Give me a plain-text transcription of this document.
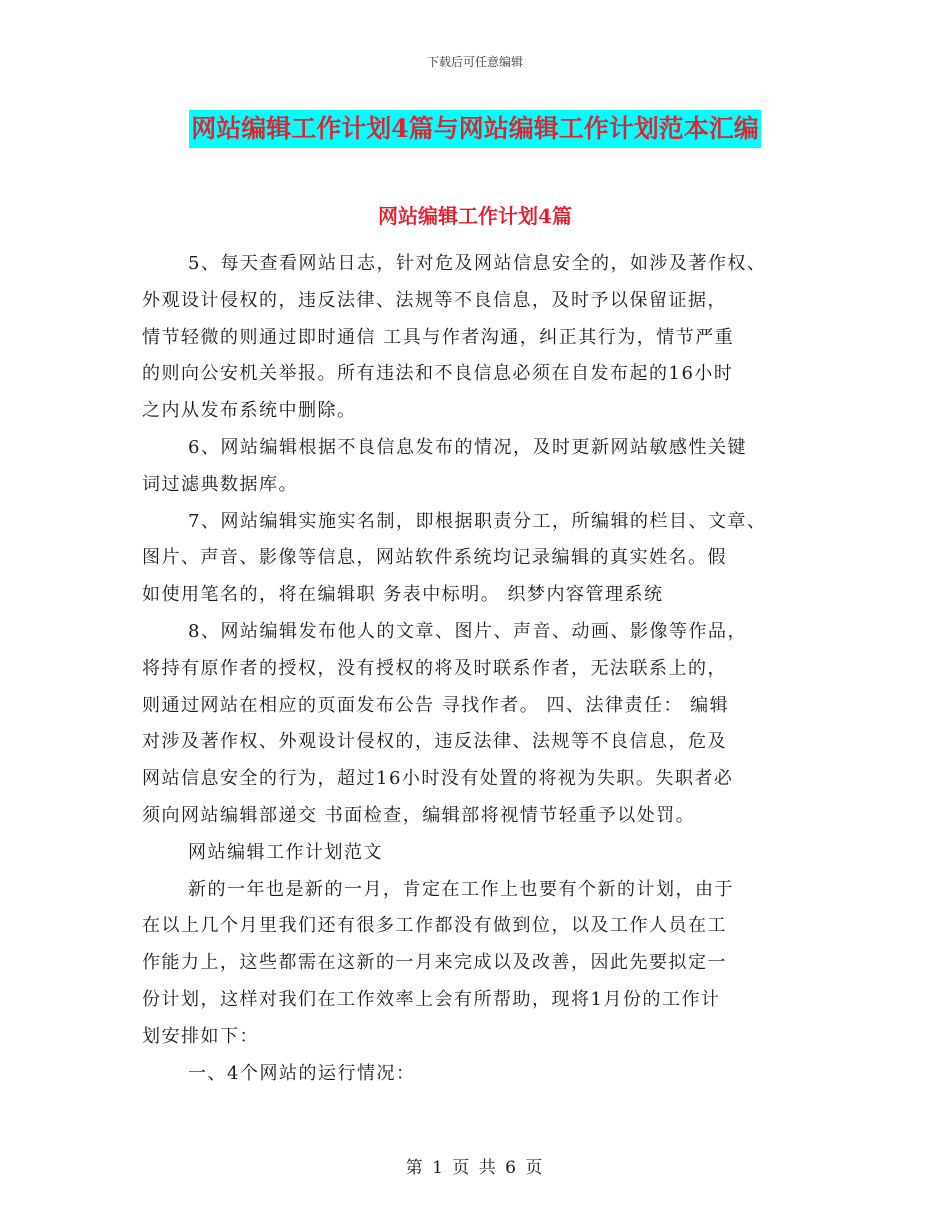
下载后可任意编辑
网站编辑工作计划4篇与网站编辑工作计划范本汇编
网站编辑工作计划4篇
5、每天查看网站日志，针对危及网站信息安全的，如涉及著作权、
外观设计侵权的，违反法律、法规等不良信息，及时予以保留证据，
情节轻微的则通过即时通信 工具与作者沟通，纠正其行为，情节严重
的则向公安机关举报。所有违法和不良信息必须在自发布起的16小时
之内从发布系统中删除。
6、网站编辑根据不良信息发布的情况，及时更新网站敏感性关键
词过滤典数据库。
7、网站编辑实施实名制，即根据职责分工，所编辑的栏目、文章、
图片、声音、影像等信息，网站软件系统均记录编辑的真实姓名。假
如使用笔名的，将在编辑职 务表中标明。 织梦内容管理系统
8、网站编辑发布他人的文章、图片、声音、动画、影像等作品，
将持有原作者的授权，没有授权的将及时联系作者，无法联系上的，
则通过网站在相应的页面发布公告 寻找作者。 四、法律责任： 编辑
对涉及著作权、外观设计侵权的，违反法律、法规等不良信息，危及
网站信息安全的行为，超过16小时没有处置的将视为失职。失职者必
须向网站编辑部递交 书面检查，编辑部将视情节轻重予以处罚。
网站编辑工作计划范文
新的一年也是新的一月，肯定在工作上也要有个新的计划，由于
在以上几个月里我们还有很多工作都没有做到位，以及工作人员在工
作能力上，这些都需在这新的一月来完成以及改善，因此先要拟定一
份计划，这样对我们在工作效率上会有所帮助，现将1月份的工作计
划安排如下：
一、4个网站的运行情况：
第 1 页 共 6 页
